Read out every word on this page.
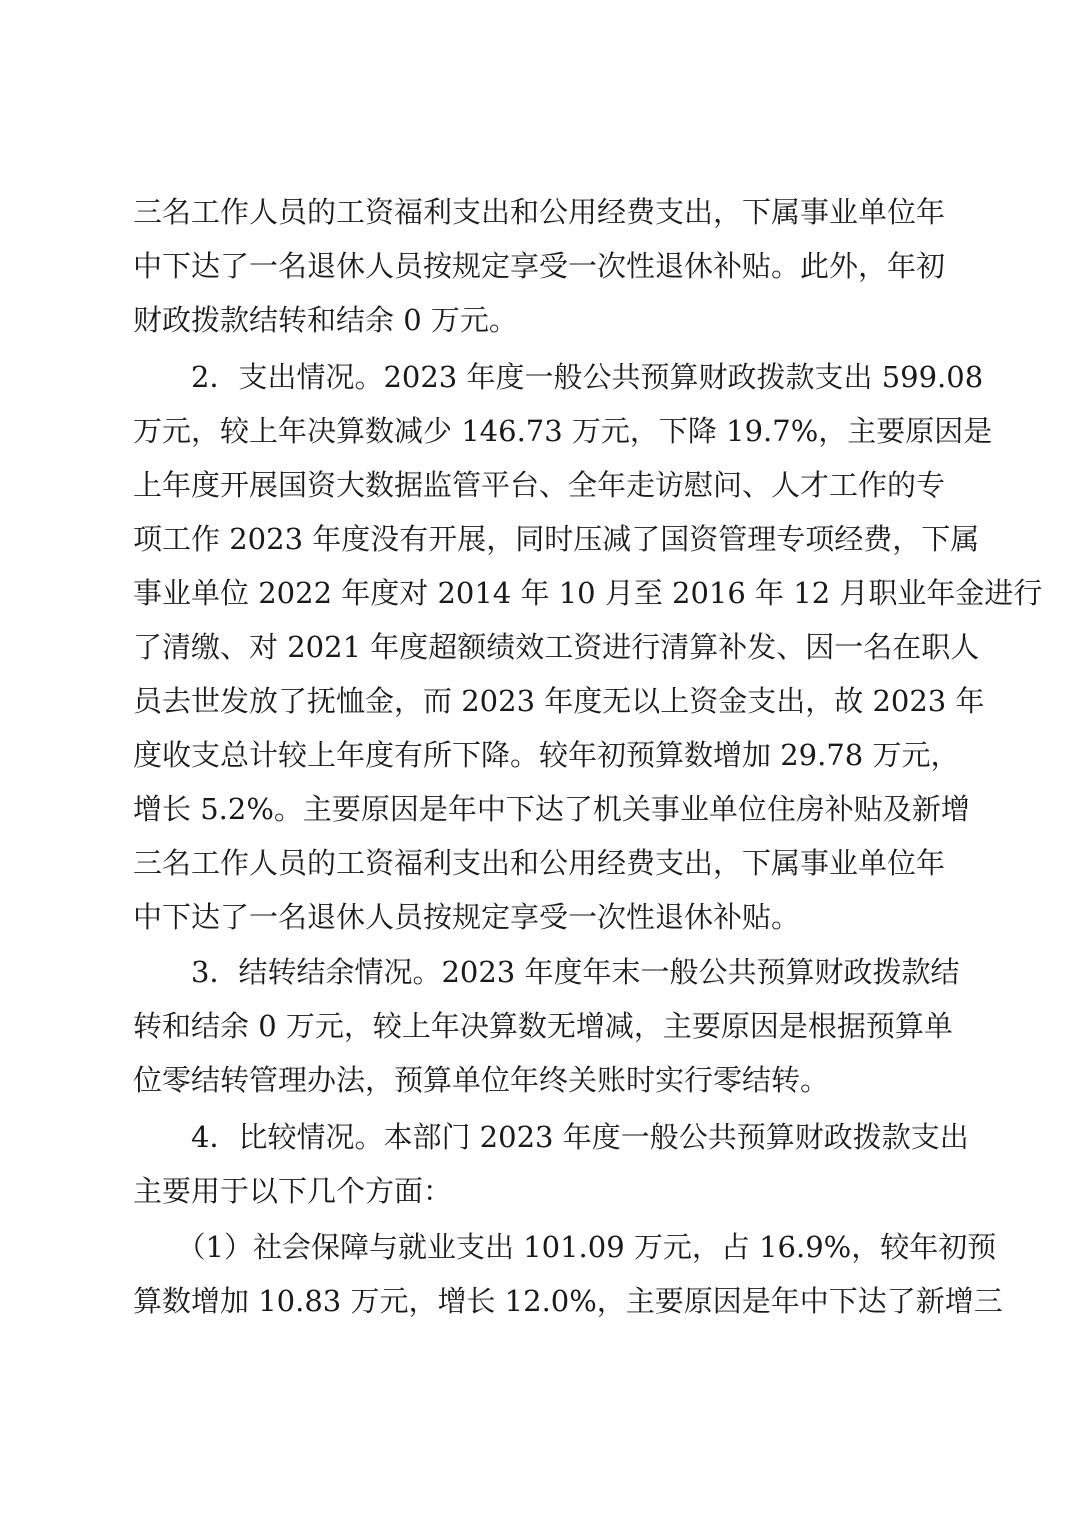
三名工作人员的工资福利支出和公用经费支出，下属事业单位年
中下达了一名退休人员按规定享受一次性退休补贴。此外，年初
财政拨款结转和结余 0 万元。
　　2．支出情况。2023 年度一般公共预算财政拨款支出 599.08
万元，较上年决算数减少 146.73 万元，下降 19.7%，主要原因是
上年度开展国资大数据监管平台、全年走访慰问、人才工作的专
项工作 2023 年度没有开展，同时压减了国资管理专项经费，下属
事业单位 2022 年度对 2014 年 10 月至 2016 年 12 月职业年金进行
了清缴、对 2021 年度超额绩效工资进行清算补发、因一名在职人
员去世发放了抚恤金，而 2023 年度无以上资金支出，故 2023 年
度收支总计较上年度有所下降。较年初预算数增加 29.78 万元，
增长 5.2%。主要原因是年中下达了机关事业单位住房补贴及新增
三名工作人员的工资福利支出和公用经费支出，下属事业单位年
中下达了一名退休人员按规定享受一次性退休补贴。
　　3．结转结余情况。2023 年度年末一般公共预算财政拨款结
转和结余 0 万元，较上年决算数无增减，主要原因是根据预算单
位零结转管理办法，预算单位年终关账时实行零结转。
　　4．比较情况。本部门 2023 年度一般公共预算财政拨款支出
主要用于以下几个方面：
　　（1）社会保障与就业支出 101.09 万元，占 16.9%，较年初预
算数增加 10.83 万元，增长 12.0%，主要原因是年中下达了新增三
